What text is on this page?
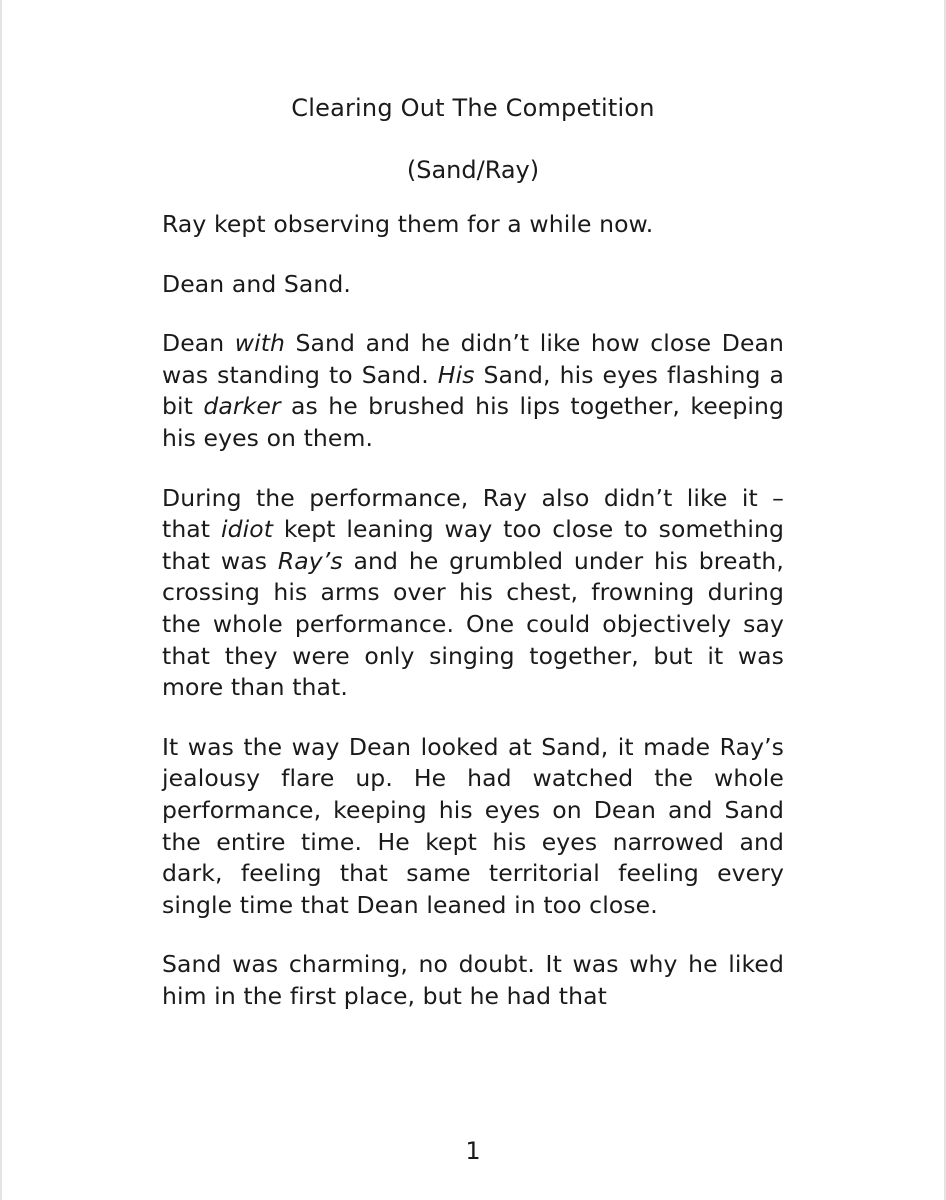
Clearing Out The Competition
(Sand/Ray)

Ray kept observing them for a while now.

Dean and Sand.

Dean with Sand and he didn’t like how close Dean was standing to Sand. His Sand, his eyes flashing a bit darker as he brushed his lips together, keeping his eyes on them.

During the performance, Ray also didn’t like it – that idiot kept leaning way too close to something that was Ray’s and he grumbled under his breath, crossing his arms over his chest, frowning during the whole performance. One could objectively say that they were only singing together, but it was more than that.

It was the way Dean looked at Sand, it made Ray’s jealousy flare up. He had watched the whole performance, keeping his eyes on Dean and Sand the entire time. He kept his eyes narrowed and dark, feeling that same territorial feeling every single time that Dean leaned in too close.

Sand was charming, no doubt. It was why he liked him in the first place, but he had that

1
